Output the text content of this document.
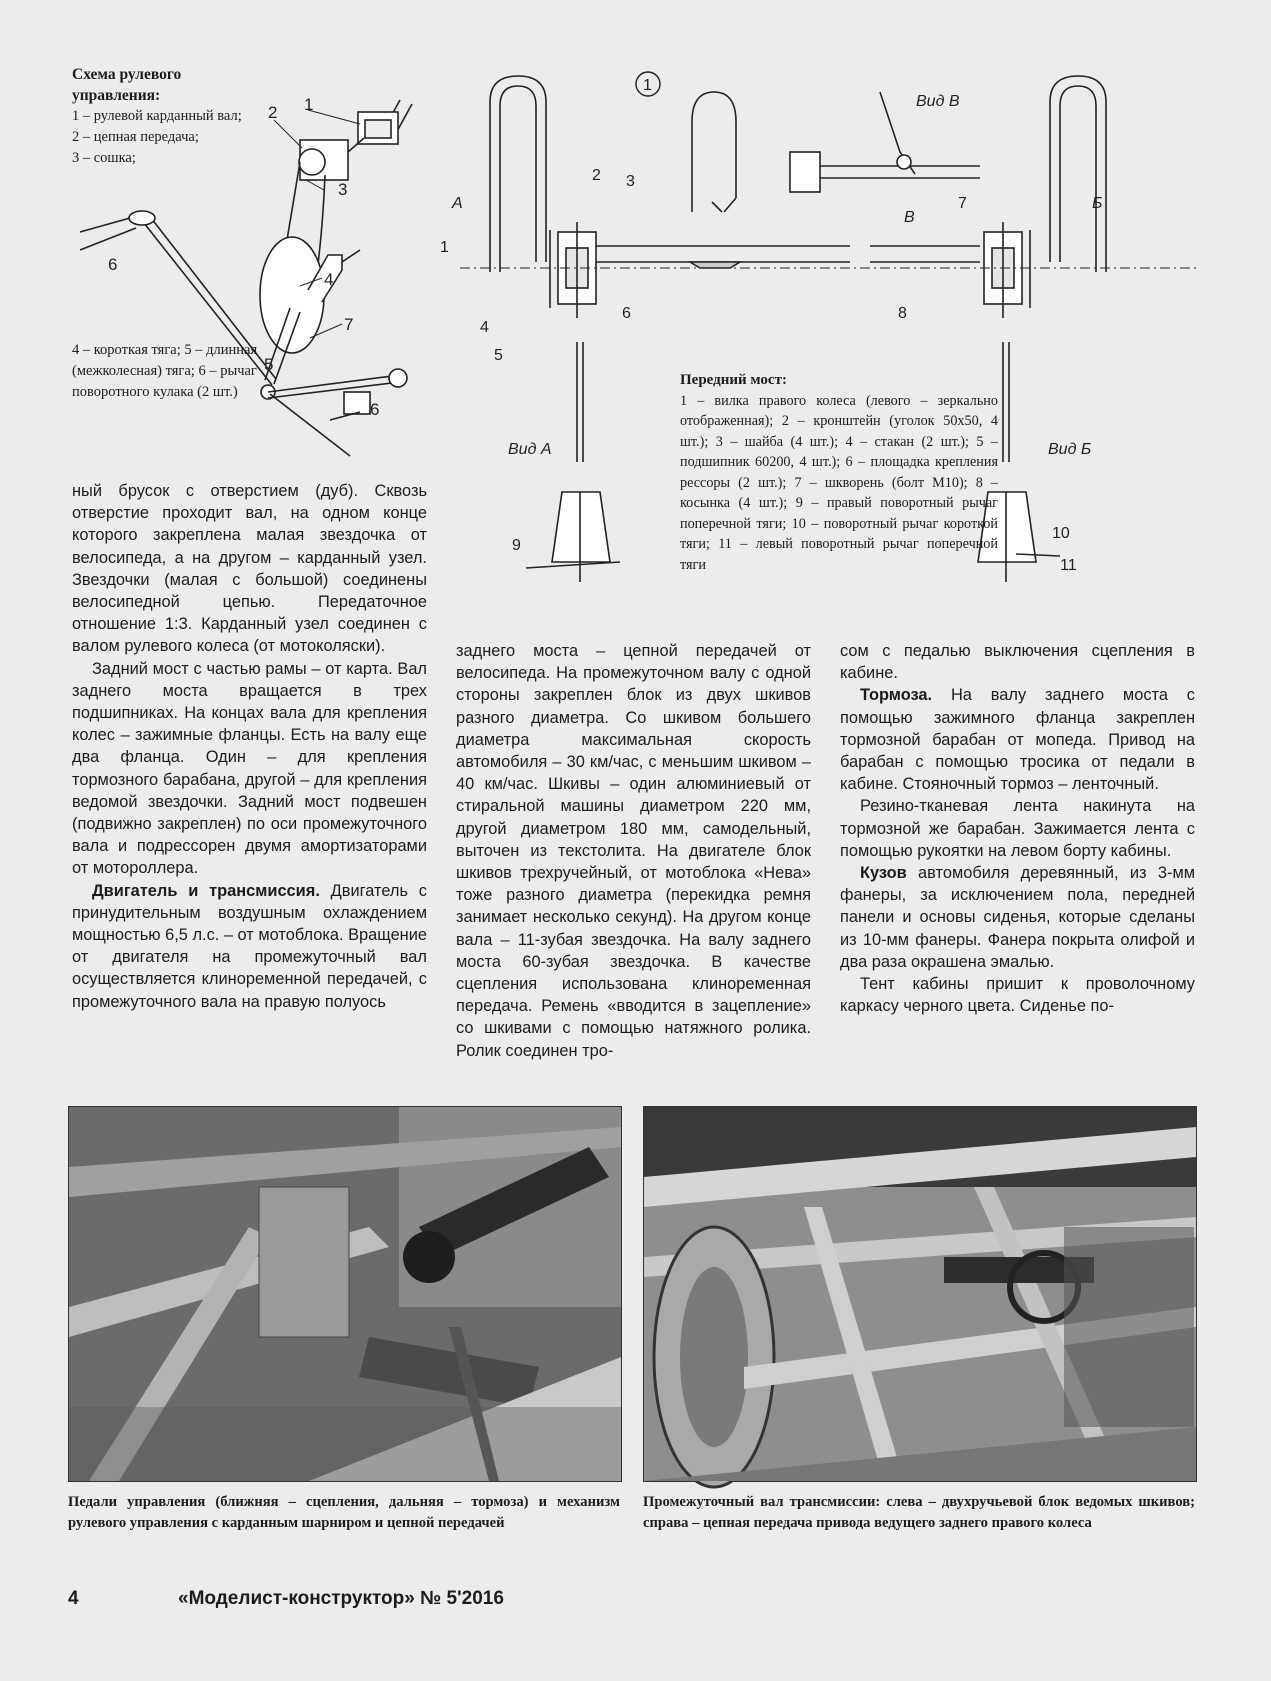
Схема рулевого управления:
1 – рулевой карданный вал;
2 – цепная передача;
3 – сошка;
1
2
3
4
5
6
7
6
4 – короткая тяга; 5 – длинная (межколесная) тяга; 6 – рычаг поворотного кулака (2 шт.)
1
Вид В
А
В
Б
1
2 3
4
5
6
7
8
Вид А	Вид Б
9
10
11
Передний мост:
1 – вилка правого колеса (левого – зеркально отображенная); 2 – кронштейн (уголок 50х50, 4 шт.); 3 – шайба (4 шт.); 4 – стакан (2 шт.); 5 – подшипник 60200, 4 шт.); 6 – площадка крепления рессоры (2 шт.); 7 – шкворень (болт М10); 8 – косынка (4 шт.); 9 – правый поворотный рычаг поперечной тяги; 10 – поворотный рычаг короткой тяги; 11 – левый поворотный рычаг поперечной тяги

ный брусок с отверстием (дуб). Сквозь отверстие проходит вал, на одном конце которого закреплена малая звездочка от велосипеда, а на другом – карданный узел. Звездочки (малая с большой) соединены велосипедной цепью. Передаточное отношение 1:3. Карданный узел соединен с валом рулевого колеса (от мотоколяски).

Задний мост с частью рамы – от карта. Вал заднего моста вращается в трех подшипниках. На концах вала для крепления колес – зажимные фланцы. Есть на валу еще два фланца. Один – для крепления тормозного барабана, другой – для крепления ведомой звездочки. Задний мост подвешен (подвижно закреплен) по оси промежуточного вала и подрессорен двумя амортизаторами от мотороллера.

Двигатель и трансмиссия. Двигатель с принудительным воздушным охлаждением мощностью 6,5 л.с. – от мотоблока. Вращение от двигателя на промежуточный вал осуществляется клиноременной передачей, с промежуточного вала на правую полуось

заднего моста – цепной передачей от велосипеда. На промежуточном валу с одной стороны закреплен блок из двух шкивов разного диаметра. Со шкивом большего диаметра максимальная скорость автомобиля – 30 км/час, с меньшим шкивом – 40 км/час. Шкивы – один алюминиевый от стиральной машины диаметром 220 мм, другой диаметром 180 мм, самодельный, выточен из текстолита. На двигателе блок шкивов трехручейный, от мотоблока «Нева» тоже разного диаметра (перекидка ремня занимает несколько секунд). На другом конце вала – 11-зубая звездочка. На валу заднего моста 60-зубая звездочка. В качестве сцепления использована клиноременная передача. Ремень «вводится в зацепление» со шкивами с помощью натяжного ролика. Ролик соединен тро-

сом с педалью выключения сцепления в кабине.

Тормоза. На валу заднего моста с помощью зажимного фланца закреплен тормозной барабан от мопеда. Привод на барабан с помощью тросика от педали в кабине. Стояночный тормоз – ленточный.

Резино-тканевая лента накинута на тормозной же барабан. Зажимается лента с помощью рукоятки на левом борту кабины.

Кузов автомобиля деревянный, из 3-мм фанеры, за исключением пола, передней панели и основы сиденья, которые сделаны из 10-мм фанеры. Фанера покрыта олифой и два раза окрашена эмалью.

Тент кабины пришит к проволочному каркасу черного цвета. Сиденье по-

Педали управления (ближняя – сцепления, дальняя – тормоза) и механизм рулевого управления с карданным шарниром и цепной передачей
Промежуточный вал трансмиссии: слева – двухручьевой блок ведомых шкивов; справа – цепная передача привода ведущего заднего правого колеса
4	«Моделист-конструктор» № 5'2016
